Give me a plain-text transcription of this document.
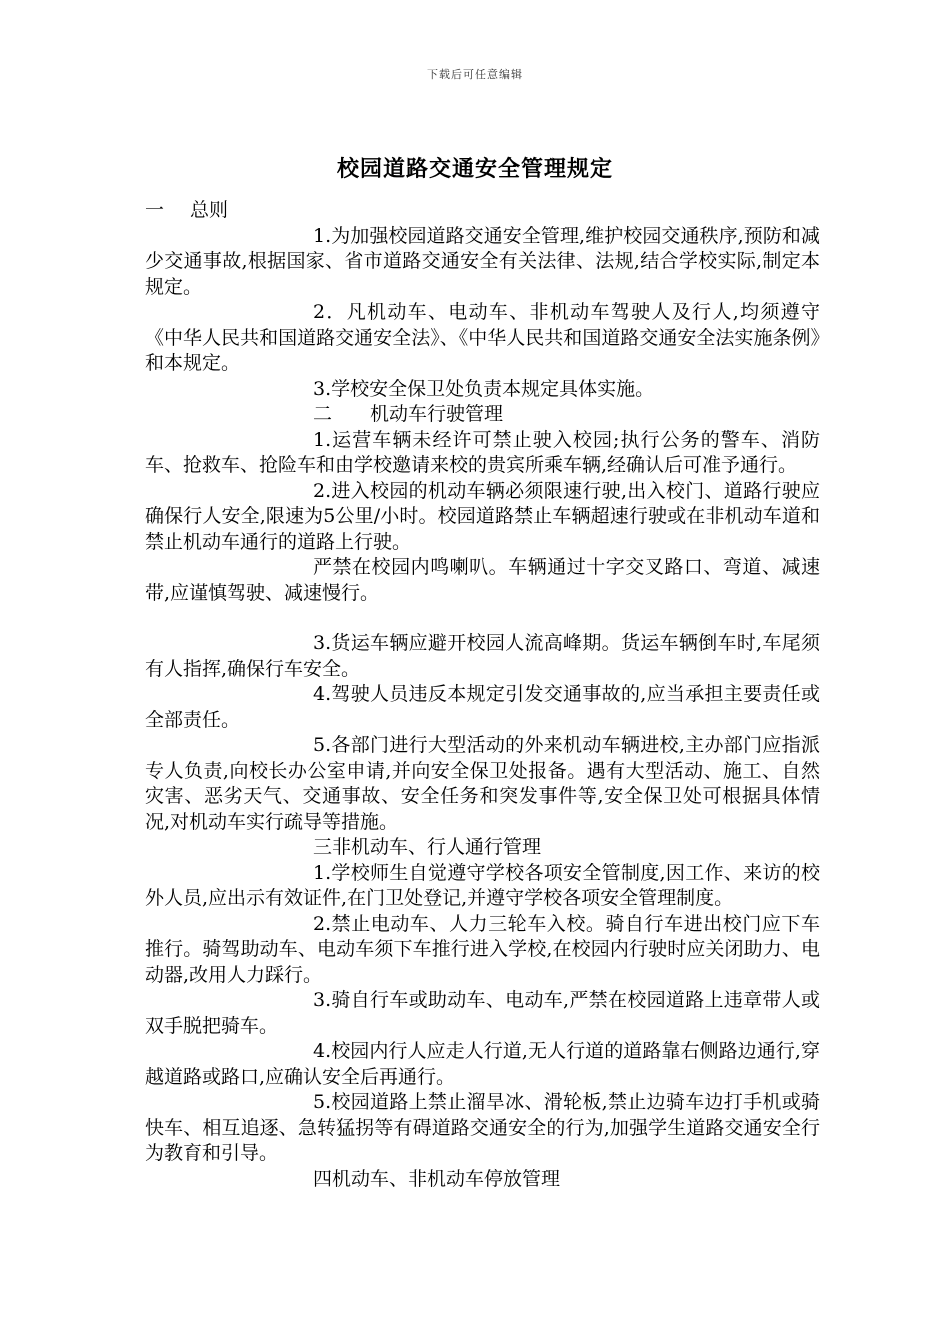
下载后可任意编辑
校园道路交通安全管理规定

一 总则

1.为加强校园道路交通安全管理,维护校园交通秩序,预防和减少交通事故,根据国家、省市道路交通安全有关法律、法规,结合学校实际,制定本规定。

2．凡机动车、电动车、非机动车驾驶人及行人,均须遵守《中华人民共和国道路交通安全法》、《中华人民共和国道路交通安全法实施条例》和本规定。

3.学校安全保卫处负责本规定具体实施。

二　　机动车行驶管理

1.运营车辆未经许可禁止驶入校园;执行公务的警车、消防车、抢救车、抢险车和由学校邀请来校的贵宾所乘车辆,经确认后可准予通行。

2.进入校园的机动车辆必须限速行驶,出入校门、道路行驶应确保行人安全,限速为5公里/小时。校园道路禁止车辆超速行驶或在非机动车道和禁止机动车通行的道路上行驶。

严禁在校园内鸣喇叭。车辆通过十字交叉路口、弯道、减速带,应谨慎驾驶、减速慢行。

3.货运车辆应避开校园人流高峰期。货运车辆倒车时,车尾须有人指挥,确保行车安全。

4.驾驶人员违反本规定引发交通事故的,应当承担主要责任或全部责任。

5.各部门进行大型活动的外来机动车辆进校,主办部门应指派专人负责,向校长办公室申请,并向安全保卫处报备。遇有大型活动、施工、自然灾害、恶劣天气、交通事故、安全任务和突发事件等,安全保卫处可根据具体情况,对机动车实行疏导等措施。

三非机动车、行人通行管理

1.学校师生自觉遵守学校各项安全管制度,因工作、来访的校外人员,应出示有效证件,在门卫处登记,并遵守学校各项安全管理制度。

2.禁止电动车、人力三轮车入校。骑自行车进出校门应下车推行。骑驾助动车、电动车须下车推行进入学校,在校园内行驶时应关闭助力、电动器,改用人力踩行。

3.骑自行车或助动车、电动车,严禁在校园道路上违章带人或双手脱把骑车。

4.校园内行人应走人行道,无人行道的道路靠右侧路边通行,穿越道路或路口,应确认安全后再通行。

5.校园道路上禁止溜旱冰、滑轮板,禁止边骑车边打手机或骑快车、相互追逐、急转猛拐等有碍道路交通安全的行为,加强学生道路交通安全行为教育和引导。

四机动车、非机动车停放管理
